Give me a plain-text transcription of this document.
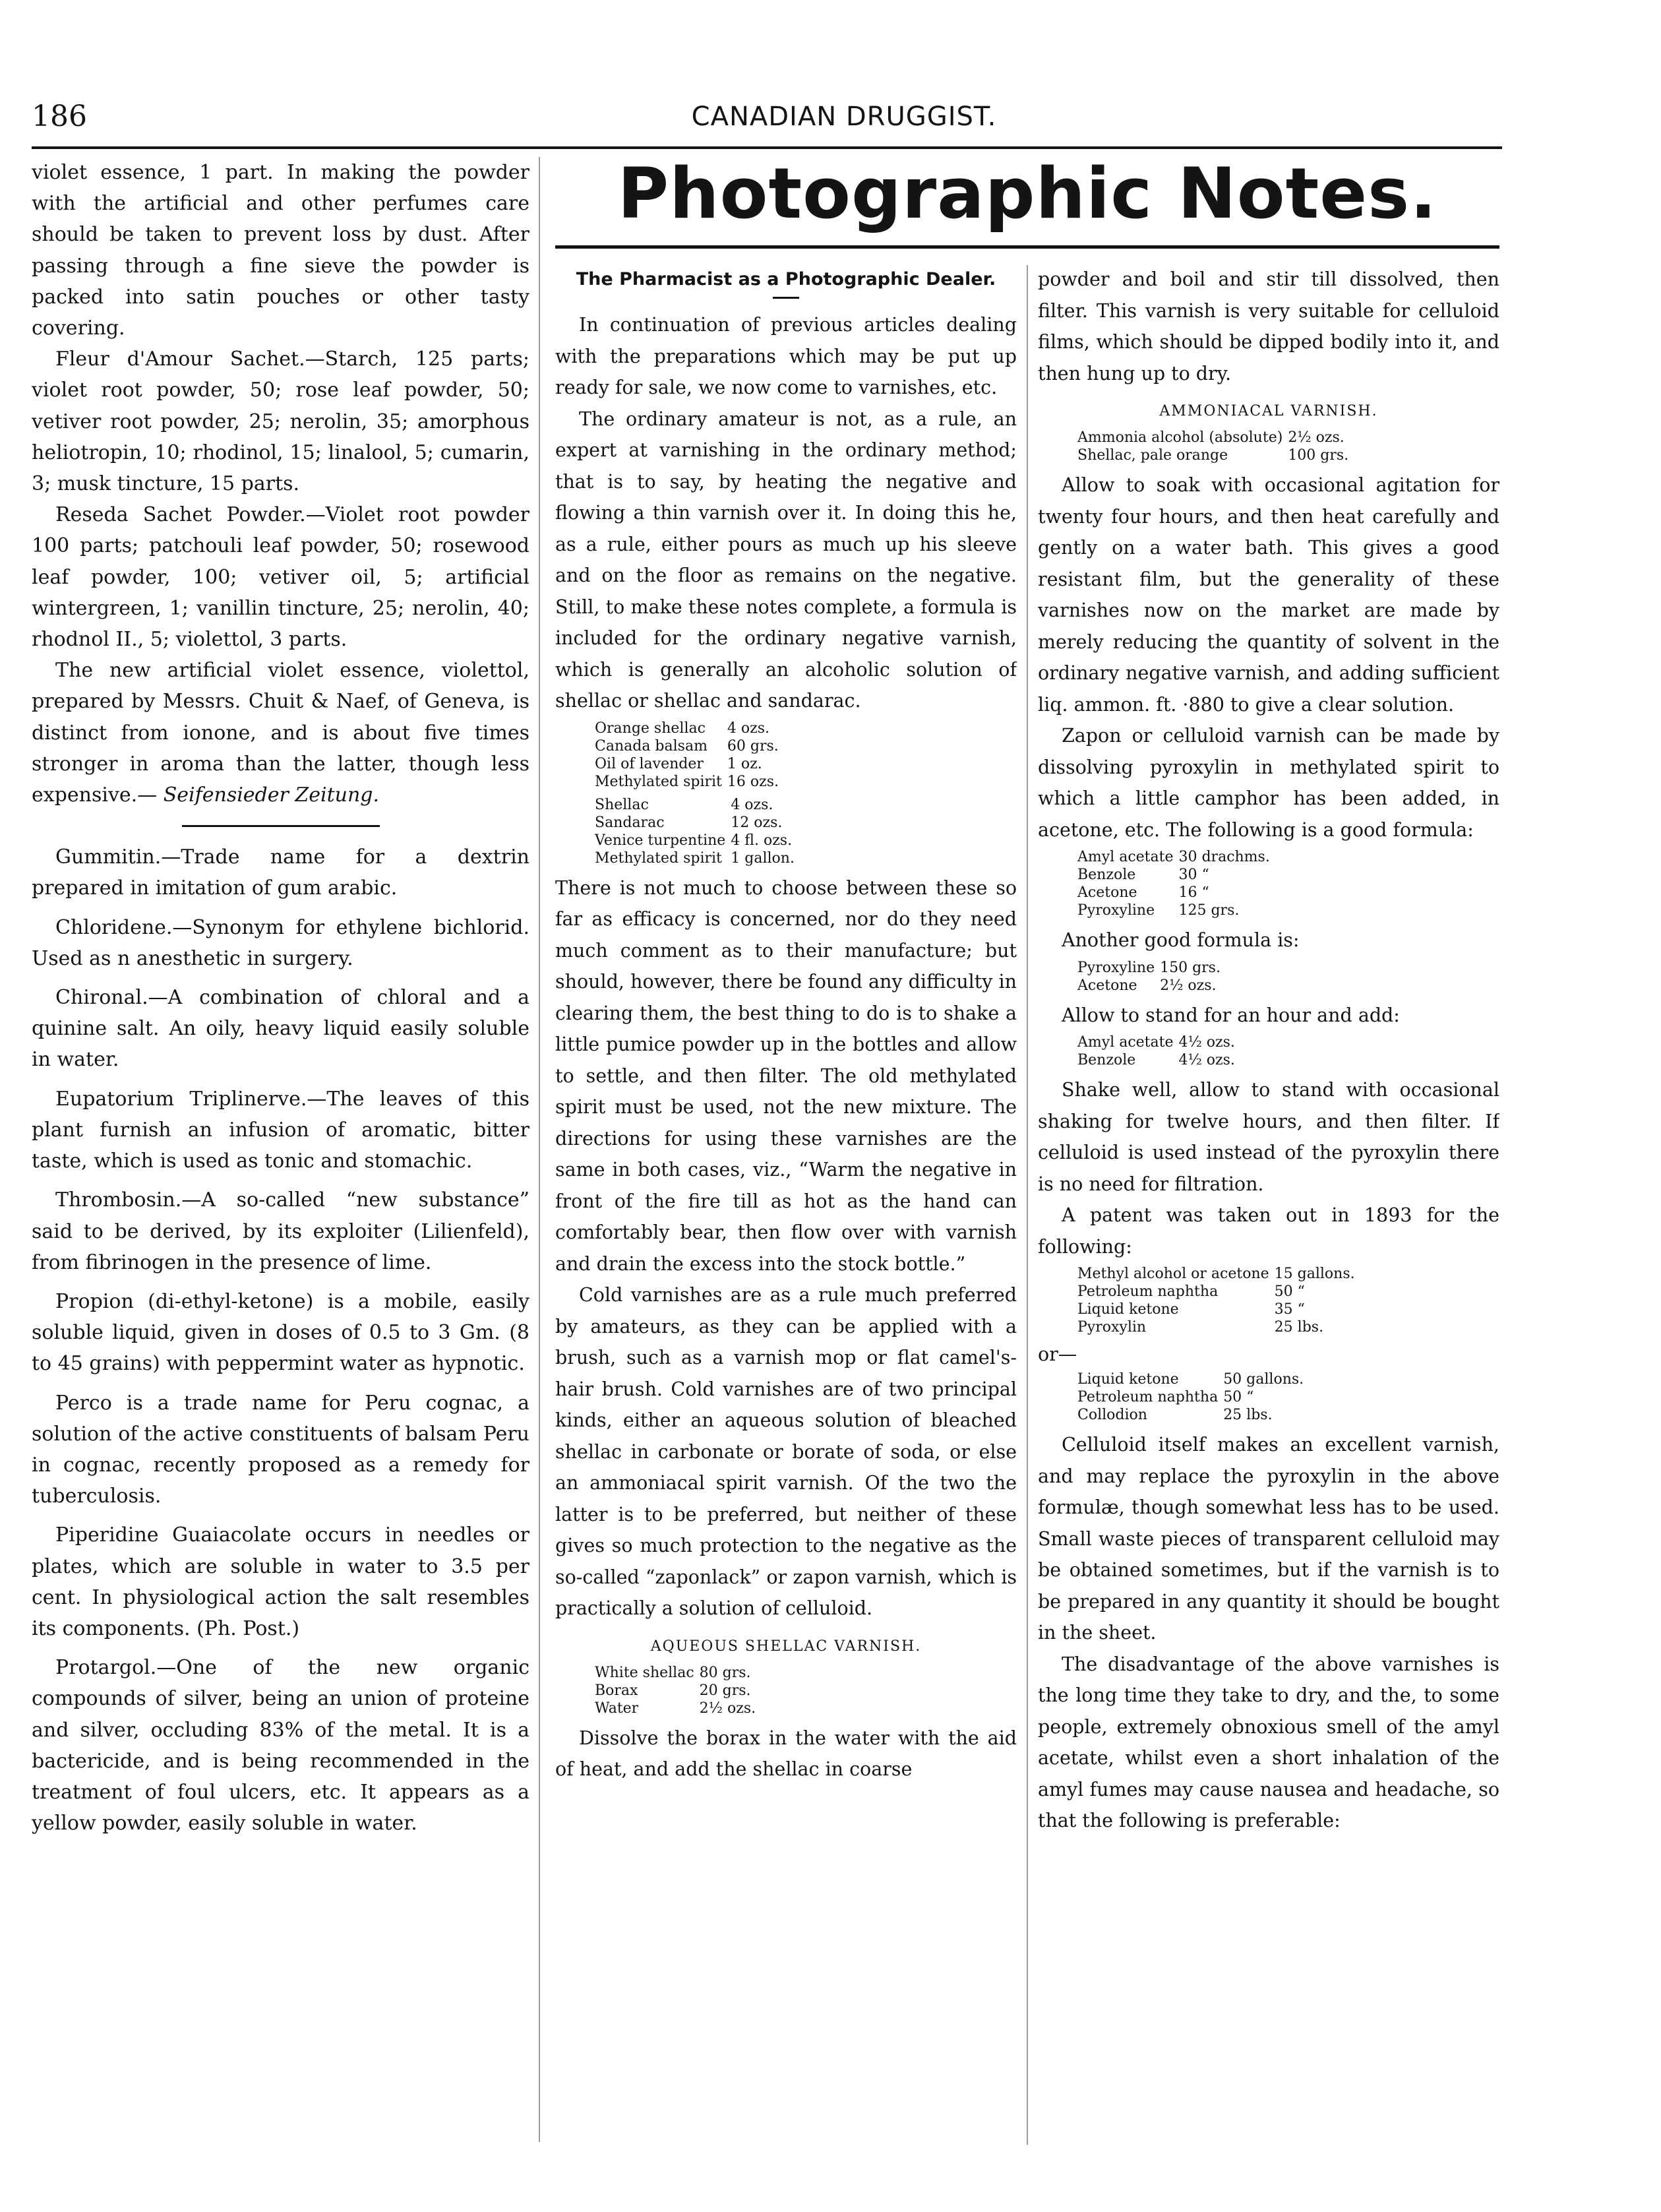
186	CANADIAN DRUGGIST.
Photographic Notes.

violet essence, 1 part. In making the powder with the artificial and other perfumes care should be taken to prevent loss by dust. After passing through a fine sieve the powder is packed into satin pouches or other tasty covering.

Fleur d'Amour Sachet.—Starch, 125 parts; violet root powder, 50; rose leaf powder, 50; vetiver root powder, 25; nerolin, 35; amorphous heliotropin, 10; rhodinol, 15; linalool, 5; cumarin, 3; musk tincture, 15 parts.

Reseda Sachet Powder.—Violet root powder 100 parts; patchouli leaf powder, 50; rosewood leaf powder, 100; vetiver oil, 5; artificial wintergreen, 1; vanillin tincture, 25; nerolin, 40; rhodnol II., 5; violettol, 3 parts.

The new artificial violet essence, violettol, prepared by Messrs. Chuit & Naef, of Geneva, is distinct from ionone, and is about five times stronger in aroma than the latter, though less expensive.— Seifensieder Zeitung.

Gummitin.—Trade name for a dextrin prepared in imitation of gum arabic.

Chloridene.—Synonym for ethylene bichlorid. Used as n anesthetic in surgery.

Chironal.—A combination of chloral and a quinine salt. An oily, heavy liquid easily soluble in water.

Eupatorium Triplinerve.—The leaves of this plant furnish an infusion of aromatic, bitter taste, which is used as tonic and stomachic.

Thrombosin.—A so-called “new substance” said to be derived, by its exploiter (Lilienfeld), from fibrinogen in the presence of lime.

Propion (di-ethyl-ketone) is a mobile, easily soluble liquid, given in doses of 0.5 to 3 Gm. (8 to 45 grains) with peppermint water as hypnotic.

Perco is a trade name for Peru cognac, a solution of the active constituents of balsam Peru in cognac, recently proposed as a remedy for tuberculosis.

Piperidine Guaiacolate occurs in needles or plates, which are soluble in water to 3.5 per cent. In physiological action the salt resembles its components. (Ph. Post.)

Protargol.—One of the new organic compounds of silver, being an union of proteine and silver, occluding 83% of the metal. It is a bactericide, and is being recommended in the treatment of foul ulcers, etc. It appears as a yellow powder, easily soluble in water.

The Pharmacist as a Photographic Dealer.

In continuation of previous articles dealing with the preparations which may be put up ready for sale, we now come to varnishes, etc.

The ordinary amateur is not, as a rule, an expert at varnishing in the ordinary method; that is to say, by heating the negative and flowing a thin varnish over it. In doing this he, as a rule, either pours as much up his sleeve and on the floor as remains on the negative. Still, to make these notes complete, a formula is included for the ordinary negative varnish, which is generally an alcoholic solution of shellac or shellac and sandarac.

Orange shellac	4 ozs.
Canada balsam	60 grs.
Oil of lavender	1 oz.
Methylated spirit	16 ozs.
Shellac	4 ozs.
Sandarac	12 ozs.
Venice turpentine	4 fl. ozs.
Methylated spirit	1 gallon.

There is not much to choose between these so far as efficacy is concerned, nor do they need much comment as to their manufacture; but should, however, there be found any difficulty in clearing them, the best thing to do is to shake a little pumice powder up in the bottles and allow to settle, and then filter. The old methylated spirit must be used, not the new mixture. The directions for using these varnishes are the same in both cases, viz., “Warm the negative in front of the fire till as hot as the hand can comfortably bear, then flow over with varnish and drain the excess into the stock bottle.”

Cold varnishes are as a rule much preferred by amateurs, as they can be applied with a brush, such as a varnish mop or flat camel's-hair brush. Cold varnishes are of two principal kinds, either an aqueous solution of bleached shellac in carbonate or borate of soda, or else an ammoniacal spirit varnish. Of the two the latter is to be preferred, but neither of these gives so much protection to the negative as the so-called “zaponlack” or zapon varnish, which is practically a solution of celluloid.

AQUEOUS SHELLAC VARNISH.
White shellac	80 grs.
Borax	20 grs.
Water	2½ ozs.

Dissolve the borax in the water with the aid of heat, and add the shellac in coarse

powder and boil and stir till dissolved, then filter. This varnish is very suitable for celluloid films, which should be dipped bodily into it, and then hung up to dry.

AMMONIACAL VARNISH.
Ammonia alcohol (absolute)	2½ ozs.
Shellac, pale orange	100 grs.

Allow to soak with occasional agitation for twenty four hours, and then heat carefully and gently on a water bath. This gives a good resistant film, but the generality of these varnishes now on the market are made by merely reducing the quantity of solvent in the ordinary negative varnish, and adding sufficient liq. ammon. ft. ·880 to give a clear solution.

Zapon or celluloid varnish can be made by dissolving pyroxylin in methylated spirit to which a little camphor has been added, in acetone, etc. The following is a good formula:

Amyl acetate	30 drachms.
Benzole	30 “
Acetone	16 “
Pyroxyline	125 grs.

Another good formula is:

Pyroxyline	150 grs.
Acetone	2½ ozs.

Allow to stand for an hour and add:

Amyl acetate	4½ ozs.
Benzole	4½ ozs.

Shake well, allow to stand with occasional shaking for twelve hours, and then filter. If celluloid is used instead of the pyroxylin there is no need for filtration.

A patent was taken out in 1893 for the following:

Methyl alcohol or acetone	15 gallons.
Petroleum naphtha	50 “
Liquid ketone	35 “
Pyroxylin	25 lbs.
or—
Liquid ketone	50 gallons.
Petroleum naphtha	50 “
Collodion	25 lbs.

Celluloid itself makes an excellent varnish, and may replace the pyroxylin in the above formulæ, though somewhat less has to be used. Small waste pieces of transparent celluloid may be obtained sometimes, but if the varnish is to be prepared in any quantity it should be bought in the sheet.

The disadvantage of the above varnishes is the long time they take to dry, and the, to some people, extremely obnoxious smell of the amyl acetate, whilst even a short inhalation of the amyl fumes may cause nausea and headache, so that the following is preferable:
